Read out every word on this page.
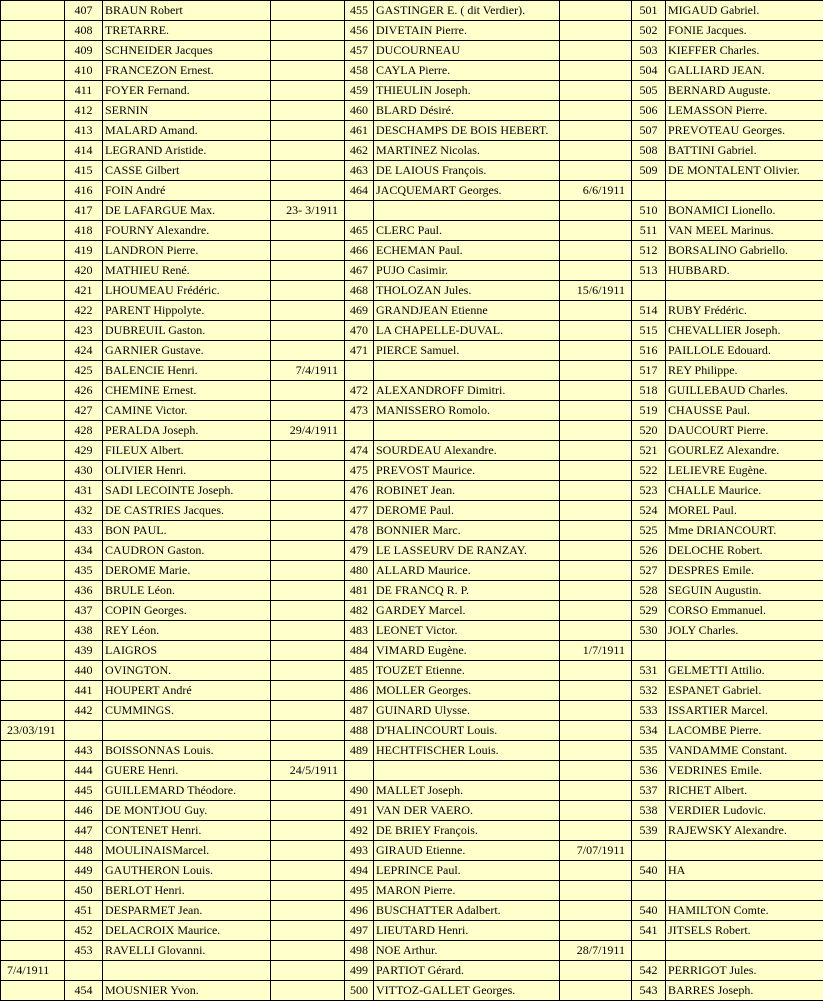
	407	BRAUN Robert		455	GASTINGER E. ( dit Verdier).		501	MIGAUD Gabriel.
	408	TRETARRE.		456	DIVETAIN Pierre.		502	FONIE Jacques.
	409	SCHNEIDER Jacques		457	DUCOURNEAU		503	KIEFFER Charles.
	410	FRANCEZON Ernest.		458	CAYLA Pierre.		504	GALLIARD JEAN.
	411	FOYER Fernand.		459	THIEULIN Joseph.		505	BERNARD Auguste.
	412	SERNIN		460	BLARD Désiré.		506	LEMASSON Pierre.
	413	MALARD Amand.		461	DESCHAMPS DE BOIS HEBERT.		507	PREVOTEAU Georges.
	414	LEGRAND Aristide.		462	MARTINEZ Nicolas.		508	BATTINI Gabriel.
	415	CASSE Gilbert		463	DE LAIOUS François.		509	DE MONTALENT Olivier.
	416	FOIN André		464	JACQUEMART Georges.	6/6/1911		
	417	DE LAFARGUE Max.	23- 3/1911				510	BONAMICI Lionello.
	418	FOURNY Alexandre.		465	CLERC Paul.		511	VAN MEEL Marinus.
	419	LANDRON Pierre.		466	ECHEMAN Paul.		512	BORSALINO Gabriello.
	420	MATHIEU René.		467	PUJO Casimir.		513	HUBBARD.
	421	LHOUMEAU Frédéric.		468	THOLOZAN Jules.	15/6/1911		
	422	PARENT Hippolyte.		469	GRANDJEAN Etienne		514	RUBY Frédéric.
	423	DUBREUIL Gaston.		470	LA CHAPELLE-DUVAL.		515	CHEVALLIER Joseph.
	424	GARNIER Gustave.		471	PIERCE Samuel.		516	PAILLOLE Edouard.
	425	BALENCIE Henri.	7/4/1911				517	REY Philippe.
	426	CHEMINE Ernest.		472	ALEXANDROFF Dimitri.		518	GUILLEBAUD Charles.
	427	CAMINE Victor.		473	MANISSERO Romolo.		519	CHAUSSE Paul.
	428	PERALDA Joseph.	29/4/1911				520	DAUCOURT Pierre.
	429	FILEUX Albert.		474	SOURDEAU Alexandre.		521	GOURLEZ Alexandre.
	430	OLIVIER Henri.		475	PREVOST Maurice.		522	LELIEVRE Eugène.
	431	SADI LECOINTE Joseph.		476	ROBINET Jean.		523	CHALLE Maurice.
	432	DE CASTRIES Jacques.		477	DEROME Paul.		524	MOREL Paul.
	433	BON PAUL.		478	BONNIER Marc.		525	Mme DRIANCOURT.
	434	CAUDRON Gaston.		479	LE LASSEURV DE RANZAY.		526	DELOCHE Robert.
	435	DEROME Marie.		480	ALLARD Maurice.		527	DESPRES Emile.
	436	BRULE Léon.		481	DE FRANCQ R. P.		528	SEGUIN Augustin.
	437	COPIN Georges.		482	GARDEY Marcel.		529	CORSO Emmanuel.
	438	REY Léon.		483	LEONET Victor.		530	JOLY Charles.
	439	LAIGROS		484	VIMARD Eugène.	1/7/1911		
	440	OVINGTON.		485	TOUZET Etienne.		531	GELMETTI Attilio.
	441	HOUPERT André		486	MOLLER Georges.		532	ESPANET Gabriel.
	442	CUMMINGS.		487	GUINARD Ulysse.		533	ISSARTIER Marcel.
23/03/191				488	D'HALINCOURT Louis.		534	LACOMBE Pierre.
	443	BOISSONNAS Louis.		489	HECHTFISCHER Louis.		535	VANDAMME Constant.
	444	GUERE Henri.	24/5/1911				536	VEDRINES Emile.
	445	GUILLEMARD Théodore.		490	MALLET Joseph.		537	RICHET Albert.
	446	DE MONTJOU Guy.		491	VAN DER VAERO.		538	VERDIER Ludovic.
	447	CONTENET Henri.		492	DE BRIEY François.		539	RAJEWSKY Alexandre.
	448	MOULINAISMarcel.		493	GIRAUD Etienne.	7/07/1911		
	449	GAUTHERON Louis.		494	LEPRINCE Paul.		540	HA
	450	BERLOT Henri.		495	MARON Pierre.			
	451	DESPARMET Jean.		496	BUSCHATTER Adalbert.		540	HAMILTON Comte.
	452	DELACROIX Maurice.		497	LIEUTARD Henri.		541	JITSELS Robert.
	453	RAVELLI Glovanni.		498	NOE Arthur.	28/7/1911		
7/4/1911				499	PARTIOT Gérard.		542	PERRIGOT Jules.
	454	MOUSNIER Yvon.		500	VITTOZ-GALLET Georges.		543	BARRES Joseph.
